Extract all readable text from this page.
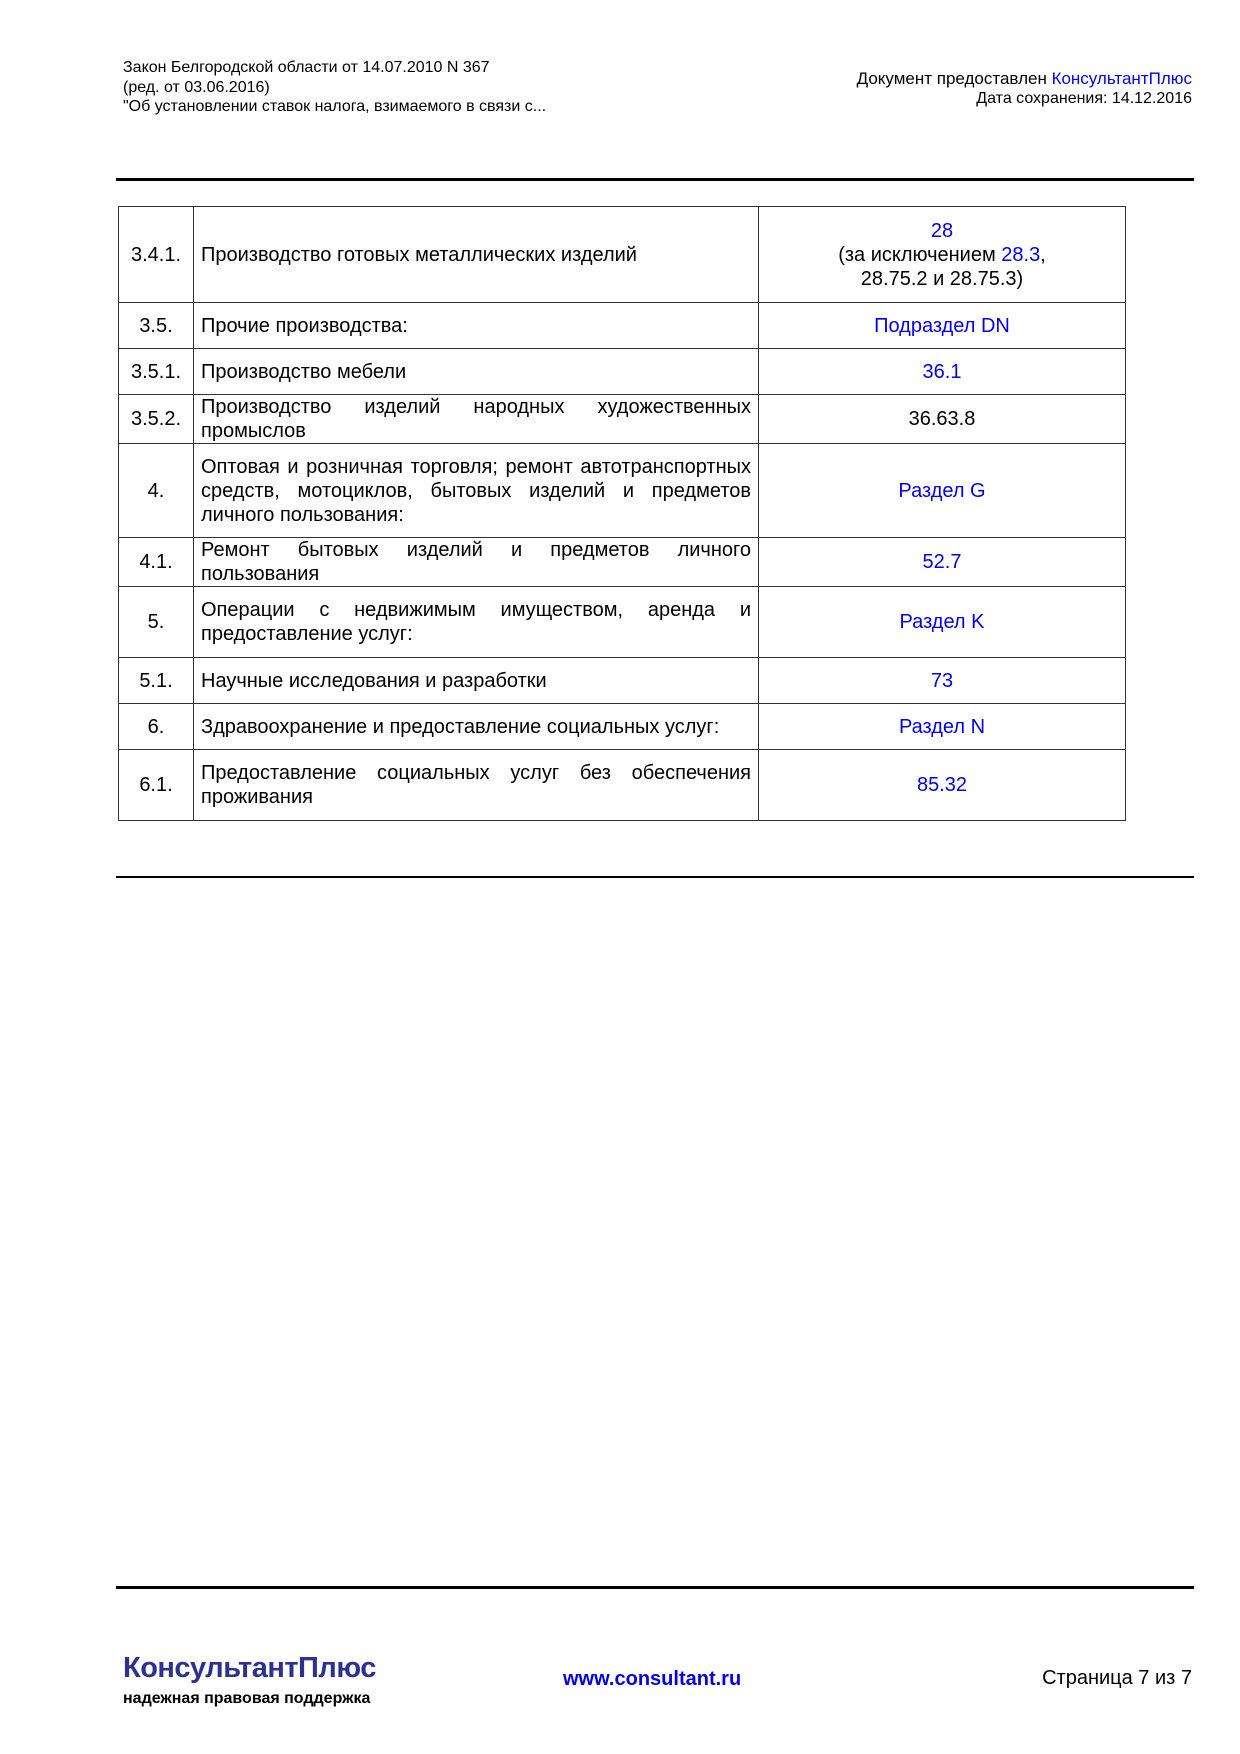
Закон Белгородской области от 14.07.2010 N 367
(ред. от 03.06.2016)
"Об установлении ставок налога, взимаемого в связи с...
Документ предоставлен КонсультантПлюс
Дата сохранения: 14.12.2016
3.4.1.	Производство готовых металлических изделий	28
(за исключением 28.3,
28.75.2 и 28.75.3)
3.5.	Прочие производства:	Подраздел DN
3.5.1.	Производство мебели	36.1
3.5.2.	Производство изделий народных художественных промыслов	36.63.8
4.	Оптовая и розничная торговля; ремонт автотранспортных средств, мотоциклов, бытовых изделий и предметов личного пользования:	Раздел G
4.1.	Ремонт бытовых изделий и предметов личного пользования	52.7
5.	Операции с недвижимым имуществом, аренда и предоставление услуг:	Раздел K
5.1.	Научные исследования и разработки	73
6.	Здравоохранение и предоставление социальных услуг:	Раздел N
6.1.	Предоставление социальных услуг без обеспечения проживания	85.32
КонсультантПлюс
надежная правовая поддержка
www.consultant.ru	Страница 7 из 7
